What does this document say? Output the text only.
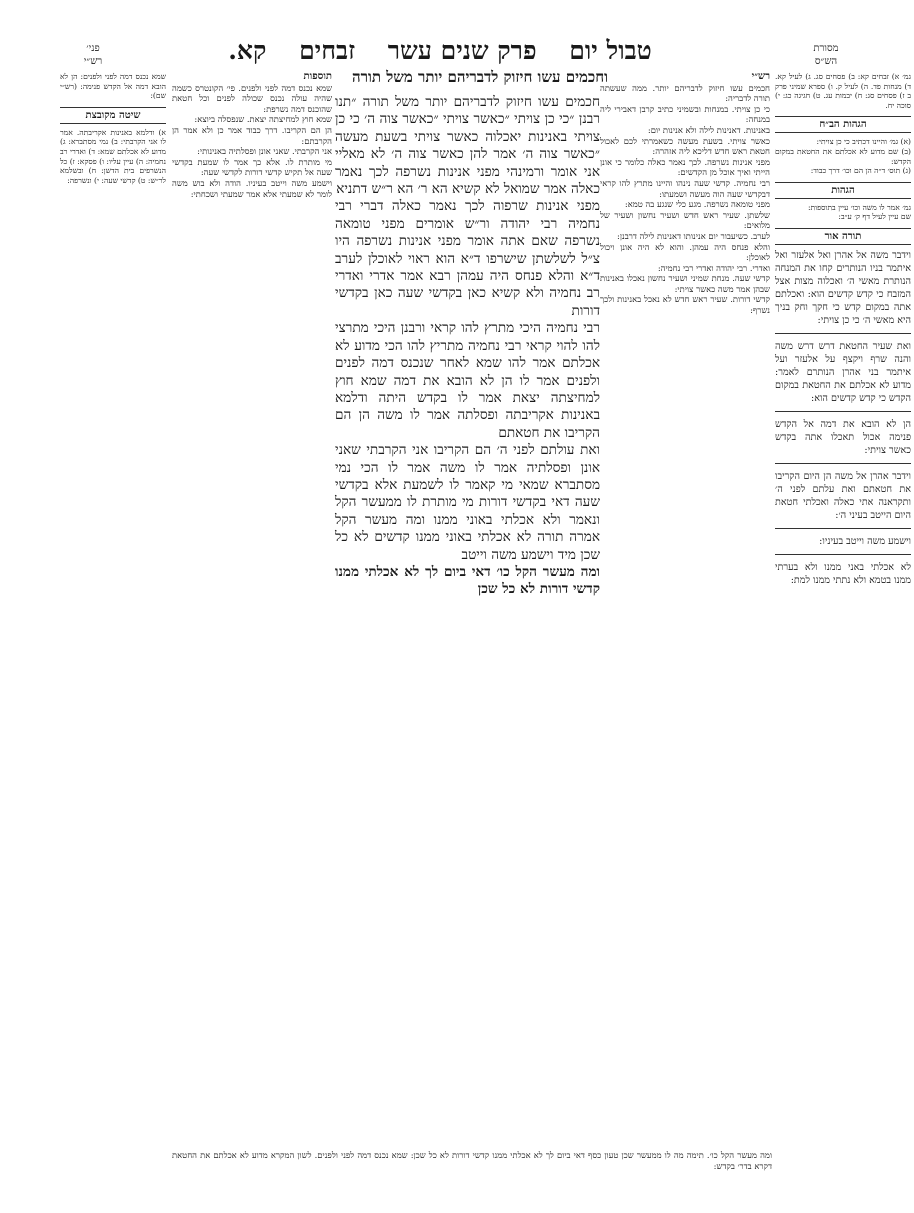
פני׳
רש״י	טבול יום פרק שנים עשר זבחים קא.	מסורת
הש״ס

שמא נכנס דמה לפני ולפנים: הן לא הובא דמה אל הקדש פנימה: (רש״י שם):

שיטה מקובצת

א) ודלמא באנינות אקריבתה. אמר לו אני הקרבתי: ב) נמי מסתברא: ג) מדוע לא אכלתם שמא: ד) ואדרי רב נחמיה: ה) עיין עליו: ו) פסקא: ז) כל הנשרפים בית הדשן: ח) ובשלמא לר״ש: ט) קדשי שעה: י) ונשרפה:

תוספות

שמא נכנס דמה לפני ולפנים. פי׳ הקונטרס כשמה שהיה עולה נכנס שכולה לפנים וכל חטאת שהוכנס דמה נשרפת:

שמא חוץ למחיצתה יצאת. שנפסלה ביוצא:

הן הם הקריבו. דרך כבוד אמר כן ולא אמר הן הקרבתם:

אני הקרבתי. שאני אונן ופסלתיה באנינותי:

מי מותרת לו. אלא כך אמר לו שמעת בקדשי שעה אל תקיש קדשי דורות לקדשי שעה:

וישמע משה וייטב בעיניו. הודה ולא בוש משה לומר לא שמעתי אלא אמר שמעתי ושכחתי:

וחכמים עשו חיזוק לדבריהם יותר משל תורה

חכמים עשו חיזוק לדבריהם יותר משל תורה ״תנו רבנן ״כי כן צויתי ״כאשר צויתי ״כאשר צוה ה׳ כי כן צויתי באנינות יאכלוה כאשר צויתי בשעת מעשה ״כאשר צוה ה׳ אמר להן כאשר צוה ה׳ לא מאליי אני אומר ורמינהי מפני אנינות נשרפה לכך נאמר כאלה אמר שמואל לא קשיא הא ר׳ הא ר״ש דתניא

מפני אנינות שרפוה לכך נאמר כאלה דברי רבי נחמיה רבי יהודה ור״ש אומרים מפני טומאה נשרפה שאם אתה אומר מפני אנינות נשרפה היו צ״ל לשלשתן שישרפו ד״א הוא ראוי לאוכלן לערב ד״א והלא פנחס היה עמהן רבא אמר אדרי ואדרי רב נחמיה ולא קשיא כאן בקדשי שעה כאן בקדשי דורות

רבי נחמיה היכי מתרץ להו קראי ורבנן היכי מתרצי להו להוי קראי רבי נחמיה מתריץ להו הכי מדוע לא אכלתם אמר להו שמא לאחר שנכנס דמה לפנים ולפנים אמר לו הן לא הובא את דמה שמא חוץ למחיצתה יצאת אמר לו בקדש היתה ודלמא באנינות אקריבתה ופסלתה אמר לו משה הן הם הקריבו את חטאתם

ואת עולתם לפני ה׳ הם הקריבו אני הקרבתי שאני אונן ופסלתיה אמר לו משה אמר לו הכי נמי מסתברא שמאי מי קאמר לו לשמעת אלא בקדשי שעה דאי בקדשי דורות מי מותרת לו ממעשר הקל ונאמר ולא אכלתי באוני ממנו ומה מעשר הקל אמרה תורה לא אכלתי באוני ממנו קדשים לא כל שכן מיד וישמע משה וייטב

ומה מעשר הקל כו׳ דאי ביום לך לא אכלתי ממנו קדשי דורות לא כל שכן

רש״י

חכמים עשו חיזוק לדבריהם יותר. ממה שעשתה תורה לדבריה:

כי כן צויתי. במנחות ובשמיני כתיב קרבן דאבירי ליה במנחה:

באנינות. דאנינות לילה ולא אנינות יום:

כאשר צויתי. בשעת מעשה כשאמרתי לכם לאכול חטאת ראש חדש דליכא ליה אזהרה:

מפני אנינות נשרפה. לכך נאמר כאלה כלומר כי אונן הייתי ואיך אוכל מן הקדשים:

רבי נחמיה. קדשי שעה נינהו והיינו מתרץ להו קראי דבקדשי שעה הוה מעשה ושמעתו:

מפני טומאה נשרפה. מגע כלי שנגע בה טמא:

שלשתן. שעיר ראש חדש ושעיר נחשון ושעיר של מלואים:

לערב. כשיעבור יום אנינותו דאנינות לילה דרבנן:

והלא פנחס היה עמהן. והוא לא היה אונן ויכול לאוכלן:

ואדרי. רבי יהודה ואדרי רבי נחמיה:

קדשי שעה. מנחת שמיני ושעיר נחשון נאכלו באנינות שבהן אמר משה כאשר צויתי:

קדשי דורות. שעיר ראש חדש לא נאכל באנינות ולכך נשרף:

גמ׳ א) זבחים קא: ב) פסחים סג. ג) לעיל קא. ד) מנחות פד. ה) לעיל ק. ו) ספרא שמיני פרק ב ז) פסחים סג: ח) יבמות עג. ט) חגיגה כג: י) סוכה יח.

הגהות הב״ח

(א) גמ׳ והיינו דכתיב כי כן צויתי:

(ב) שם מדוע לא אכלתם את החטאת במקום הקדש:

(ג) תוס׳ ד״ה הן הם וכו׳ דרך כבוד:

הגהות

גמ׳ אמר לו משה וכו׳ עיין בתוספות:

שם עיין לעיל דף ק׳ ע״ב:

תורה אור

וידבר משה אל אהרן ואל אלעזר ואל איתמר בניו הנותרים קחו את המנחה הנותרת מאשי ה׳ ואכלוה מצות אצל המזבח כי קדש קדשים הוא: ואכלתם אתה במקום קדש כי חקך וחק בניך היא מאשי ה׳ כי כן צויתי:

ואת שעיר החטאת דרש דרש משה והנה שרף ויקצף על אלעזר ועל איתמר בני אהרן הנותרם לאמר: מדוע לא אכלתם את החטאת במקום הקדש כי קדש קדשים הוא:

הן לא הובא את דמה אל הקדש פנימה אכול תאכלו אתה בקדש כאשר צויתי:

וידבר אהרן אל משה הן היום הקריבו את חטאתם ואת עלתם לפני ה׳ ותקראנה אתי כאלה ואכלתי חטאת היום הייטב בעיני ה׳:

וישמע משה וייטב בעיניו:

לא אכלתי באני ממנו ולא בערתי ממנו בטמא ולא נתתי ממנו למת:

ומה מעשר הקל כו׳. תימה מה לו ממעשר שכן טעון כסף דאי ביום לך לא אכלתי ממנו קדשי דורות לא כל שכן: שמא נכנס דמה לפני ולפנים. לשון המקרא מדוע לא אכלתם את החטאת דקרא בדר׳ בקדש:
